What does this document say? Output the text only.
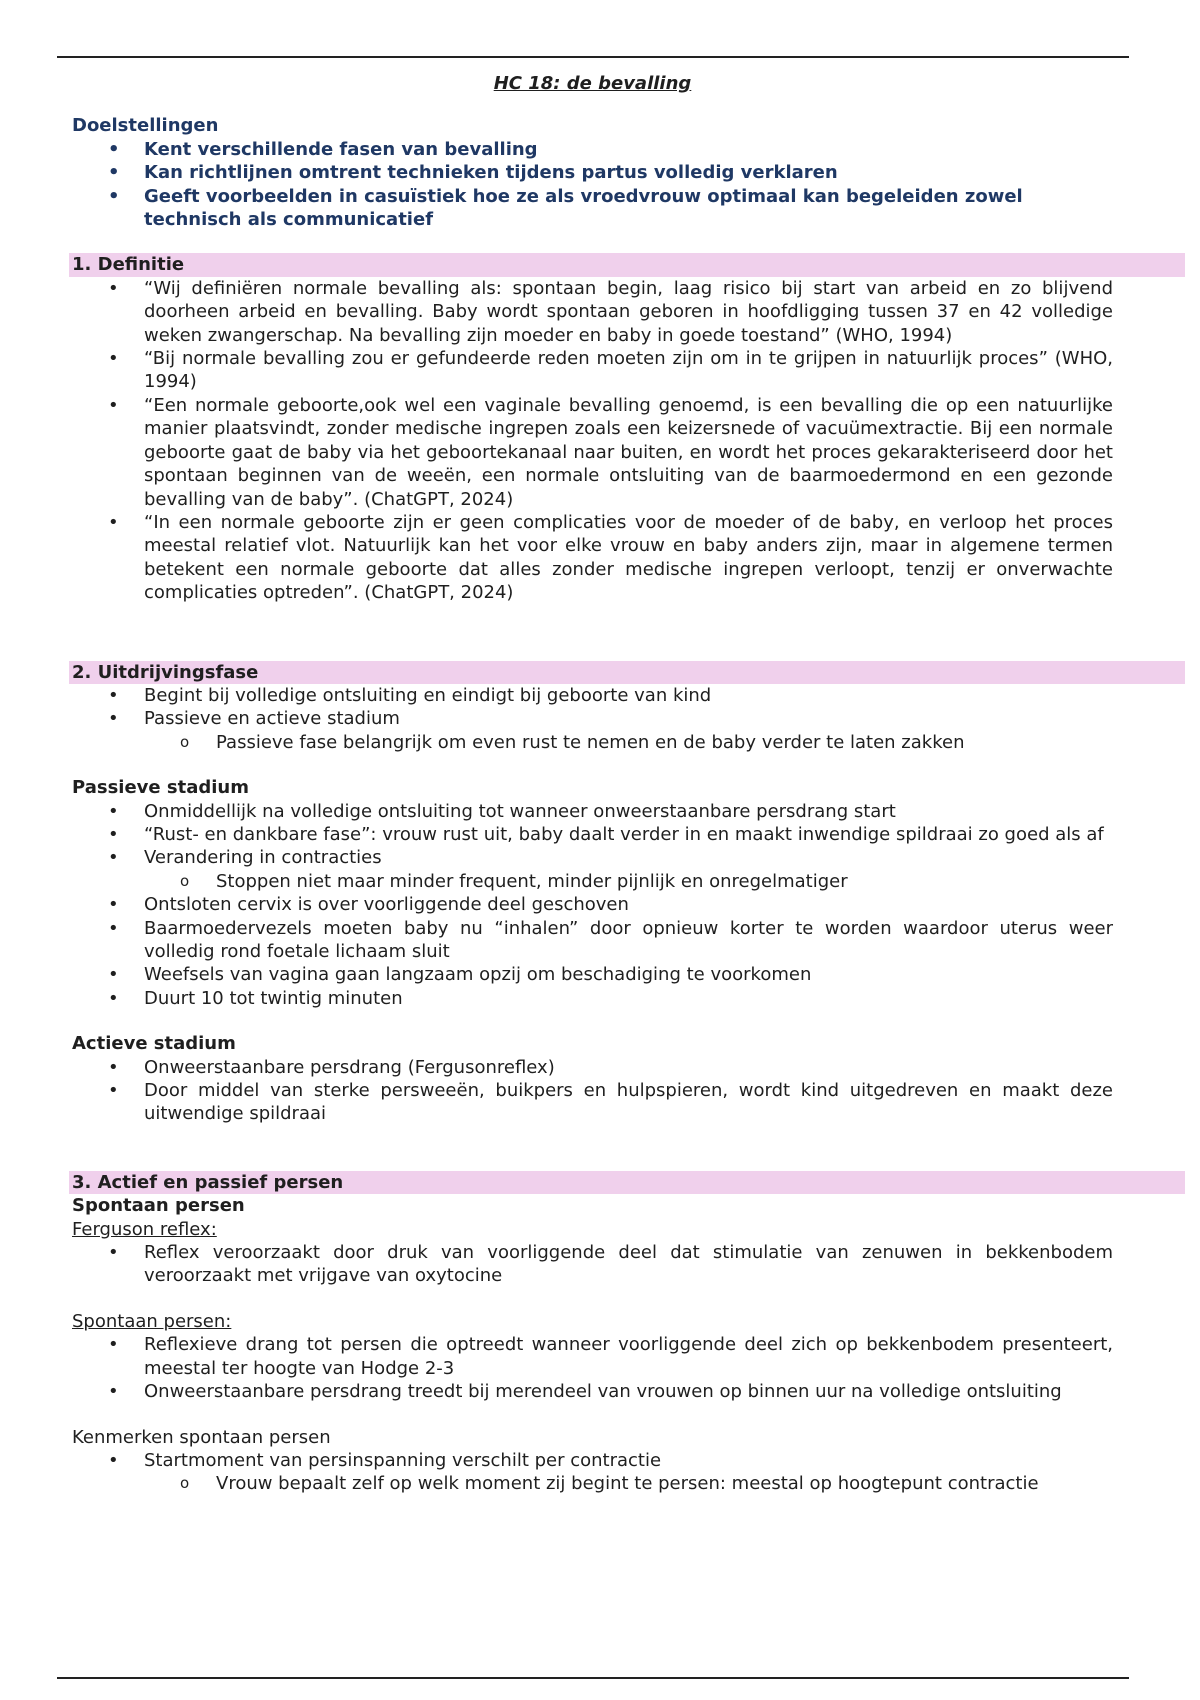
HC 18: de bevalling
Doelstellingen
• Kent verschillende fasen van bevalling
• Kan richtlijnen omtrent technieken tijdens partus volledig verklaren
• Geeft voorbeelden in casuïstiek hoe ze als vroedvrouw optimaal kan begeleiden zowel technisch als communicatief
1. Definitie
• “Wij definiëren normale bevalling als: spontaan begin, laag risico bij start van arbeid en zo blijvend doorheen arbeid en bevalling. Baby wordt spontaan geboren in hoofdligging tussen 37 en 42 volledige weken zwangerschap. Na bevalling zijn moeder en baby in goede toestand” (WHO, 1994)
• “Bij normale bevalling zou er gefundeerde reden moeten zijn om in te grijpen in natuurlijk proces” (WHO, 1994)
• “Een normale geboorte,ook wel een vaginale bevalling genoemd, is een bevalling die op een natuurlijke manier plaatsvindt, zonder medische ingrepen zoals een keizersnede of vacuümextractie. Bij een normale geboorte gaat de baby via het geboortekanaal naar buiten, en wordt het proces gekarakteriseerd door het spontaan beginnen van de weeën, een normale ontsluiting van de baarmoedermond en een gezonde bevalling van de baby”. (ChatGPT, 2024)
• “In een normale geboorte zijn er geen complicaties voor de moeder of de baby, en verloop het proces meestal relatief vlot. Natuurlijk kan het voor elke vrouw en baby anders zijn, maar in algemene termen betekent een normale geboorte dat alles zonder medische ingrepen verloopt, tenzij er onverwachte complicaties optreden”. (ChatGPT, 2024)
2. Uitdrijvingsfase
• Begint bij volledige ontsluiting en eindigt bij geboorte van kind
• Passieve en actieve stadium
o Passieve fase belangrijk om even rust te nemen en de baby verder te laten zakken
Passieve stadium
• Onmiddellijk na volledige ontsluiting tot wanneer onweerstaanbare persdrang start
• “Rust- en dankbare fase”: vrouw rust uit, baby daalt verder in en maakt inwendige spildraai zo goed als af
• Verandering in contracties
o Stoppen niet maar minder frequent, minder pijnlijk en onregelmatiger
• Ontsloten cervix is over voorliggende deel geschoven
• Baarmoedervezels moeten baby nu “inhalen” door opnieuw korter te worden waardoor uterus weer volledig rond foetale lichaam sluit
• Weefsels van vagina gaan langzaam opzij om beschadiging te voorkomen
• Duurt 10 tot twintig minuten
Actieve stadium
• Onweerstaanbare persdrang (Fergusonreflex)
• Door middel van sterke persweeën, buikpers en hulpspieren, wordt kind uitgedreven en maakt deze uitwendige spildraai
3. Actief en passief persen
Spontaan persen
Ferguson reflex:
• Reflex veroorzaakt door druk van voorliggende deel dat stimulatie van zenuwen in bekkenbodem veroorzaakt met vrijgave van oxytocine
Spontaan persen:
• Reflexieve drang tot persen die optreedt wanneer voorliggende deel zich op bekkenbodem presenteert, meestal ter hoogte van Hodge 2-3
• Onweerstaanbare persdrang treedt bij merendeel van vrouwen op binnen uur na volledige ontsluiting
Kenmerken spontaan persen
• Startmoment van persinspanning verschilt per contractie
o Vrouw bepaalt zelf op welk moment zij begint te persen: meestal op hoogtepunt contractie
